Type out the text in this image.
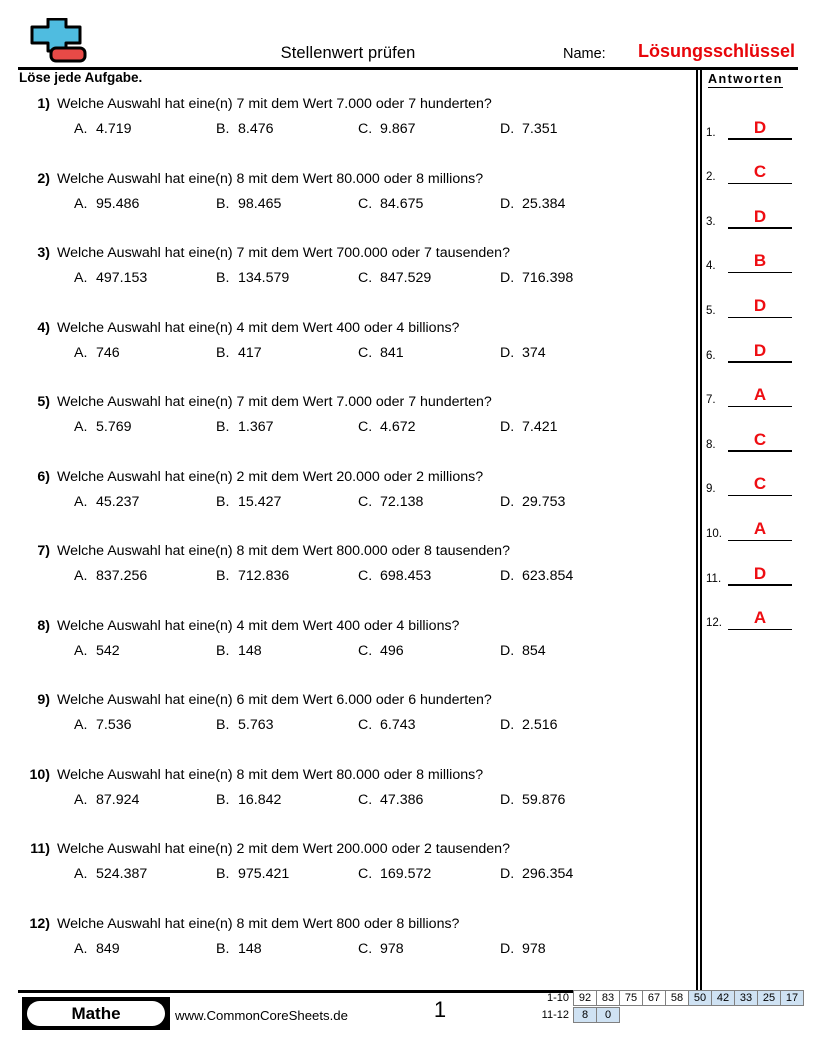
Stellenwert prüfen	Name: Lösungsschlüssel
Löse jede Aufgabe.
1) Welche Auswahl hat eine(n) 7 mit dem Wert 7.000 oder 7 hunderten?
A. 4.719	B. 8.476	C. 9.867	D. 7.351
2) Welche Auswahl hat eine(n) 8 mit dem Wert 80.000 oder 8 millions?
A. 95.486	B. 98.465	C. 84.675	D. 25.384
3) Welche Auswahl hat eine(n) 7 mit dem Wert 700.000 oder 7 tausenden?
A. 497.153	B. 134.579	C. 847.529	D. 716.398
4) Welche Auswahl hat eine(n) 4 mit dem Wert 400 oder 4 billions?
A. 746	B. 417	C. 841	D. 374
5) Welche Auswahl hat eine(n) 7 mit dem Wert 7.000 oder 7 hunderten?
A. 5.769	B. 1.367	C. 4.672	D. 7.421
6) Welche Auswahl hat eine(n) 2 mit dem Wert 20.000 oder 2 millions?
A. 45.237	B. 15.427	C. 72.138	D. 29.753
7) Welche Auswahl hat eine(n) 8 mit dem Wert 800.000 oder 8 tausenden?
A. 837.256	B. 712.836	C. 698.453	D. 623.854
8) Welche Auswahl hat eine(n) 4 mit dem Wert 400 oder 4 billions?
A. 542	B. 148	C. 496	D. 854
9) Welche Auswahl hat eine(n) 6 mit dem Wert 6.000 oder 6 hunderten?
A. 7.536	B. 5.763	C. 6.743	D. 2.516
10) Welche Auswahl hat eine(n) 8 mit dem Wert 80.000 oder 8 millions?
A. 87.924	B. 16.842	C. 47.386	D. 59.876
11) Welche Auswahl hat eine(n) 2 mit dem Wert 200.000 oder 2 tausenden?
A. 524.387	B. 975.421	C. 169.572	D. 296.354
12) Welche Auswahl hat eine(n) 8 mit dem Wert 800 oder 8 billions?
A. 849	B. 148	C. 978	D. 978
Antworten
1.	D
2.	C
3.	D
4.	B
5.	D
6.	D
7.	A
8.	C
9.	C
10.	A
11.	D
12.	A
Mathe	www.CommonCoreSheets.de	1	1-10 92 83 75 67 58 50 42 33 25 17
11-12	8	0
